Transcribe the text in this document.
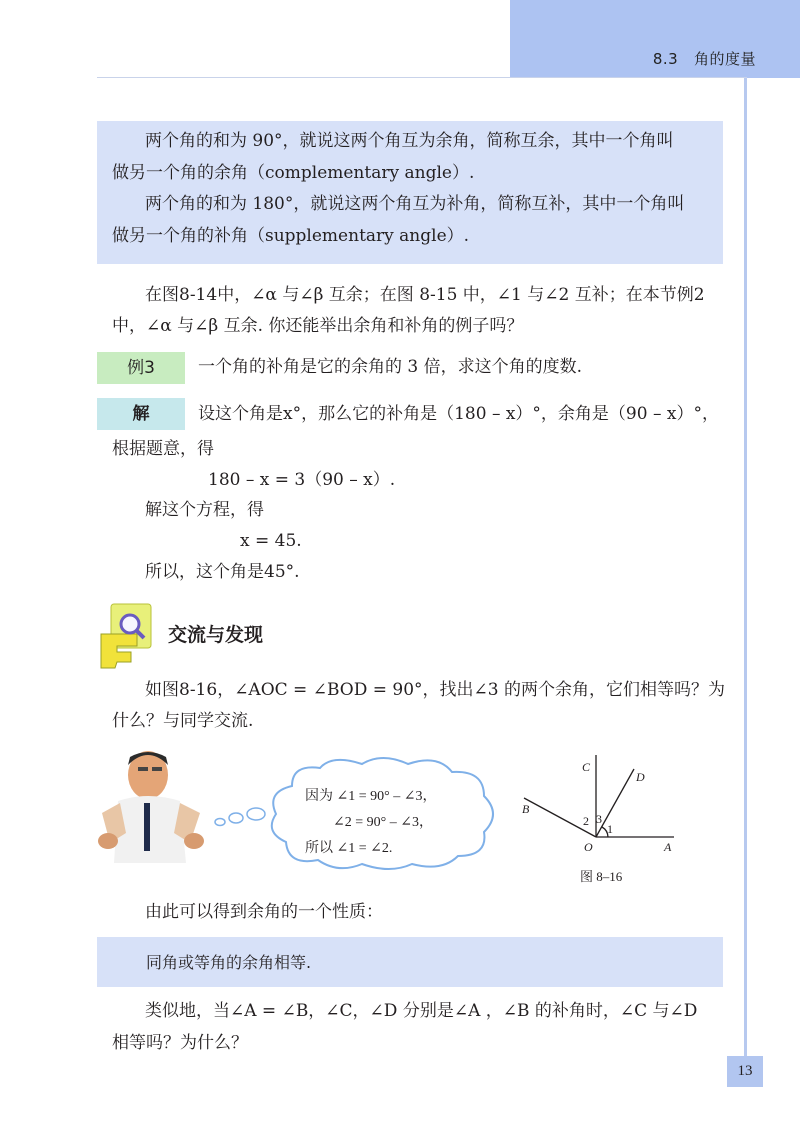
8.3 角的度量
两个角的和为 90°，就说这两个角互为余角，简称互余，其中一个角叫
做另一个角的余角（complementary angle）.
两个角的和为 180°，就说这两个角互为补角，简称互补，其中一个角叫
做另一个角的补角（supplementary angle）.
在图8-14中，∠α 与∠β 互余；在图 8-15 中，∠1 与∠2 互补；在本节例2
中，∠α 与∠β 互余. 你还能举出余角和补角的例子吗？
例3	一个角的补角是它的余角的 3 倍，求这个角的度数.
解	设这个角是x°，那么它的补角是（180 – x）°，余角是（90 – x）°，
根据题意，得
180 – x = 3（90 – x）.
解这个方程，得
x = 45.
所以，这个角是45°.
交流与发现
如图8-16，∠AOC = ∠BOD = 90°，找出∠3 的两个余角，它们相等吗？为
什么？与同学交流.
因为 ∠1 = 90° – ∠3，
∠2 = 90° – ∠3，
所以 ∠1 = ∠2.
C
D
B
O	A
1
2 3
图 8–16
由此可以得到余角的一个性质：
同角或等角的余角相等.
类似地，当∠A = ∠B，∠C，∠D 分别是∠A ，∠B 的补角时，∠C 与∠D
相等吗？为什么？
13
